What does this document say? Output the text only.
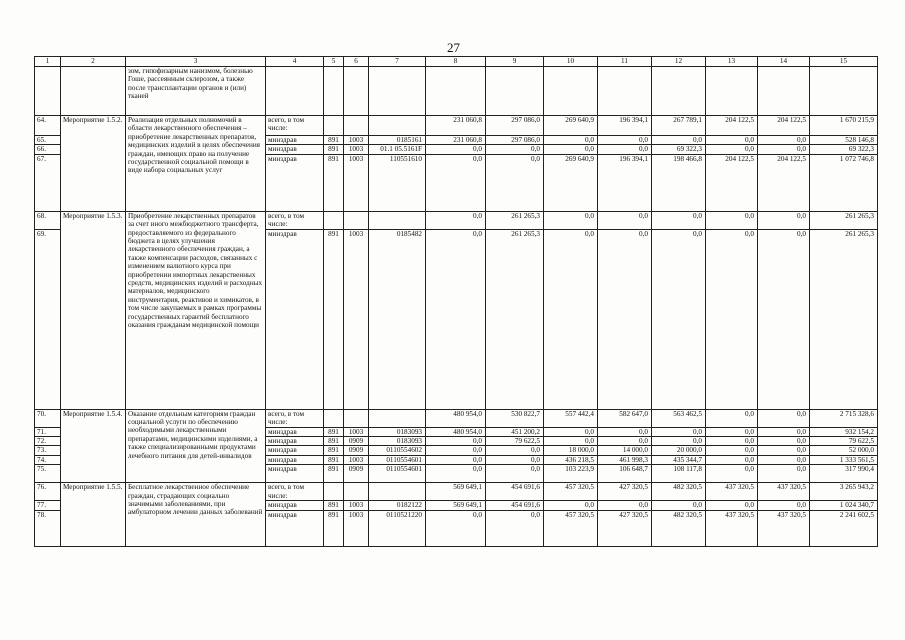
27
1	2	3	4	5	6	7	8	9	10	11	12	13	14	15
		зом, гипофизарным нанизмом, болезнью Гоше, рассеянным склерозом, а также после трансплантации органов и (или) тканей												
64.	Мероприятие 1.5.2.	Реализация отдельных полномочий в области лекарственного обеспечения – приобретение лекарственных препаратов, медицинских изделий в целях обеспечения граждан, имеющих право на получение государственной социальной помощи в виде набора социальных услуг	всего, в том числе:				231 060,8	297 086,0	269 640,9	196 394,1	267 789,1	204 122,5	204 122,5	1 670 215,9
65.			минздрав	891	1003	0185161	231 060,8	297 086,0	0,0	0,0	0,0	0,0	0,0	528 146,8
66.			минздрав	891	1003	01.1 05.5161F	0,0	0,0	0,0	0,0	69 322,3	0,0	0,0	69 322,3
67.			минздрав	891	1003	110551610	0,0	0,0	269 640,9	196 394,1	198 466,8	204 122,5	204 122,5	1 072 746,8
68.	Мероприятие 1.5.3.	Приобретение лекарственных препаратов за счет иного межбюджетного трансферта, предоставляемого из федерального бюджета в целях улучшения лекарственного обеспечения граждан, а также компенсации расходов, связанных с изменением валютного курса при приобретении импортных лекарственных средств, медицинских изделий и расходных материалов, медицинского инструментария, реактивов и химикатов, в том числе закупаемых в рамках программы государственных гарантий бесплатного оказания гражданам медицинской помощи	всего, в том числе:				0,0	261 265,3	0,0	0,0	0,0	0,0	0,0	261 265,3
69.			минздрав	891	1003	0185482	0,0	261 265,3	0,0	0,0	0,0	0,0	0,0	261 265,3
70.	Мероприятие 1.5.4.	Оказание отдельным категориям граждан социальной услуги по обеспечению необходимыми лекарственными препаратами, медицинскими изделиями, а также специализированными продуктами лечебного питания для детей-инвалидов	всего, в том числе:				480 954,0	530 822,7	557 442,4	582 647,0	563 462,5	0,0	0,0	2 715 328,6
71.			минздрав	891	1003	0183093	480 954,0	451 200,2	0,0	0,0	0,0	0,0	0,0	932 154,2
72.			минздрав	891	0909	0183093	0,0	79 622,5	0,0	0,0	0,0	0,0	0,0	79 622,5
73.			минздрав	891	0909	0110554602	0,0	0,0	18 000,0	14 000,0	20 000,0	0,0	0,0	52 000,0
74.			минздрав	891	1003	0110554601	0,0	0,0	436 218,5	461 998,3	435 344,7	0,0	0,0	1 333 561,5
75.			минздрав	891	0909	0110554601	0,0	0,0	103 223,9	106 648,7	108 117,8	0,0	0,0	317 990,4
76.	Мероприятие 1.5.5.	Бесплатное лекарственное обеспечение граждан, страдающих социально значимыми заболеваниями, при амбулаторном лечении данных заболеваний	всего, в том числе:				569 649,1	454 691,6	457 320,5	427 320,5	482 320,5	437 320,5	437 320,5	3 265 943,2
77.			минздрав	891	1003	0182122	569 649,1	454 691,6	0,0	0,0	0,0	0,0	0,0	1 024 340,7
78.			минздрав	891	1003	0110521220	0,0	0,0	457 320,5	427 320,5	482 320,5	437 320,5	437 320,5	2 241 602,5
